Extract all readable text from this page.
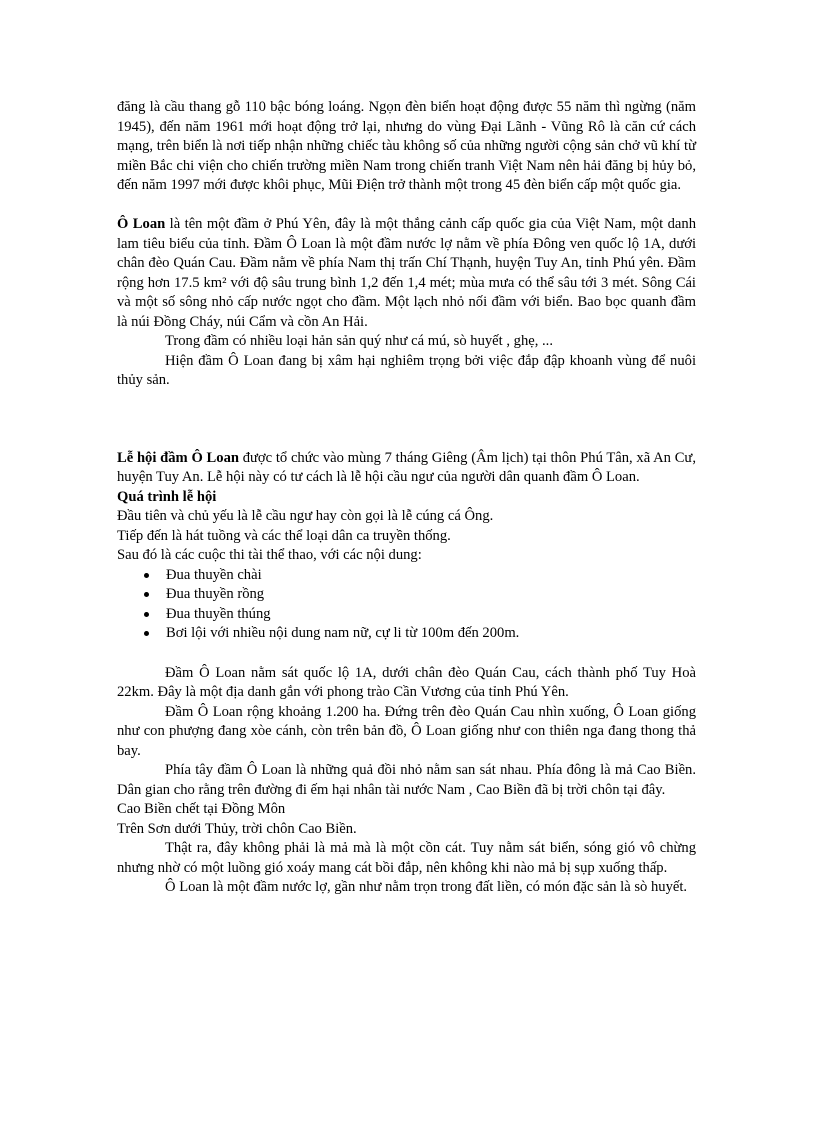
đăng là cầu thang gỗ 110 bậc bóng loáng. Ngọn đèn biển hoạt động được 55 năm thì ngừng (năm 1945), đến năm 1961 mới hoạt động trở lại, nhưng do vùng Đại Lãnh - Vũng Rô là căn cứ cách mạng, trên biển là nơi tiếp nhận những chiếc tàu không số của những người cộng sản chở vũ khí từ miền Bắc chi viện cho chiến trường miền Nam trong chiến tranh Việt Nam nên hải đăng bị hủy bỏ, đến năm 1997 mới được khôi phục, Mũi Điện trở thành một trong 45 đèn biển cấp một quốc gia.

Ô Loan là tên một đầm ở Phú Yên, đây là một thắng cảnh cấp quốc gia của Việt Nam, một danh lam tiêu biểu của tỉnh. Đầm Ô Loan là một đầm nước lợ nằm về phía Đông ven quốc lộ 1A, dưới chân đèo Quán Cau. Đầm nằm về phía Nam thị trấn Chí Thạnh, huyện Tuy An, tỉnh Phú yên. Đầm rộng hơn 17.5 km² với độ sâu trung bình 1,2 đến 1,4 mét; mùa mưa có thể sâu tới 3 mét. Sông Cái và một số sông nhỏ cấp nước ngọt cho đầm. Một lạch nhỏ nối đầm với biển. Bao bọc quanh đầm là núi Đồng Cháy, núi Cẩm và cồn An Hải.

Trong đầm có nhiều loại hản sản quý như cá mú, sò huyết , ghẹ, ...

Hiện đầm Ô Loan đang bị xâm hại nghiêm trọng bởi việc đắp đập khoanh vùng để nuôi thủy sản.

Lễ hội đầm Ô Loan được tổ chức vào mùng 7 tháng Giêng (Âm lịch) tại thôn Phú Tân, xã An Cư, huyện Tuy An. Lễ hội này có tư cách là lễ hội cầu ngư của người dân quanh đầm Ô Loan.

Quá trình lễ hội

Đầu tiên và chủ yếu là lễ cầu ngư hay còn gọi là lễ cúng cá Ông.

Tiếp đến là hát tuồng và các thể loại dân ca truyền thống.

Sau đó là các cuộc thi tài thể thao, với các nội dung:

Đua thuyền chài
Đua thuyền rồng
Đua thuyền thúng
Bơi lội với nhiều nội dung nam nữ, cự li từ 100m đến 200m.

Đầm Ô Loan nằm sát quốc lộ 1A, dưới chân đèo Quán Cau, cách thành phố Tuy Hoà 22km. Đây là một địa danh gắn với phong trào Cần Vương của tỉnh Phú Yên.

Đầm Ô Loan rộng khoảng 1.200 ha. Đứng trên đèo Quán Cau nhìn xuống, Ô Loan giống như con phượng đang xòe cánh, còn trên bản đồ, Ô Loan giống như con thiên nga đang thong thả bay.

Phía tây đầm Ô Loan là những quả đồi nhỏ nằm san sát nhau. Phía đông là mả Cao Biền. Dân gian cho rằng trên đường đi ếm hại nhân tài nước Nam , Cao Biền đã bị trời chôn tại đây.

Cao Biền chết tại Đồng Môn

Trên Sơn dưới Thủy, trời chôn Cao Biền.

Thật ra, đây không phải là mả mà là một cồn cát. Tuy nằm sát biển, sóng gió vô chừng nhưng nhờ có một luồng gió xoáy mang cát bồi đắp, nên không khi nào mả bị sụp xuống thấp.

Ô Loan là một đầm nước lợ, gần như nằm trọn trong đất liền, có món đặc sản là sò huyết.
